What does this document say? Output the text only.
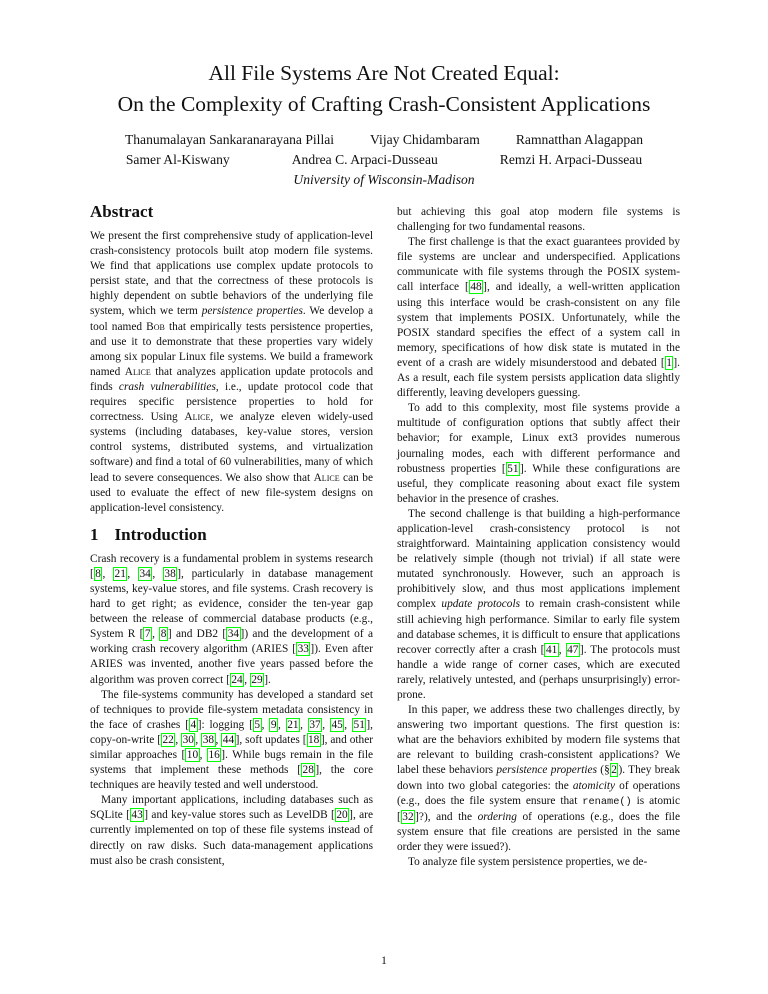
All File Systems Are Not Created Equal:
On the Complexity of Crafting Crash-Consistent Applications
Thanumalayan Sankaranarayana Pillai	Vijay Chidambaram	Ramnatthan Alagappan
Samer Al-Kiswany	Andrea C. Arpaci-Dusseau	Remzi H. Arpaci-Dusseau
University of Wisconsin-Madison
Abstract

We present the first comprehensive study of application-level crash-consistency protocols built atop modern file systems. We find that applications use complex update protocols to persist state, and that the correctness of these protocols is highly dependent on subtle behaviors of the underlying file system, which we term persistence properties. We develop a tool named Bob that empirically tests persistence properties, and use it to demonstrate that these properties vary widely among six popular Linux file systems. We build a framework named Alice that analyzes application update protocols and finds crash vulnerabilities, i.e., update protocol code that requires specific persistence properties to hold for correctness. Using Alice, we analyze eleven widely-used systems (including databases, key-value stores, version control systems, distributed systems, and virtualization software) and find a total of 60 vulnerabilities, many of which lead to severe consequences. We also show that Alice can be used to evaluate the effect of new file-system designs on application-level consistency.

1 Introduction

Crash recovery is a fundamental problem in systems research [ 8 , 21 , 34 , 38 ], particularly in database management systems, key-value stores, and file systems. Crash recovery is hard to get right; as evidence, consider the ten-year gap between the release of commercial database products (e.g., System R [ 7 , 8 ] and DB2 [ 34 ]) and the development of a working crash recovery algorithm (ARIES [ 33 ]). Even after ARIES was invented, another five years passed before the algorithm was proven correct [ 24 , 29 ].

The file-systems community has developed a standard set of techniques to provide file-system metadata consistency in the face of crashes [ 4 ]: logging [ 5 , 9 , 21 , 37 , 45 , 51 ], copy-on-write [ 22 , 30 , 38 , 44 ], soft updates [ 18 ], and other similar approaches [ 10 , 16 ]. While bugs remain in the file systems that implement these methods [ 28 ], the core techniques are heavily tested and well understood.

Many important applications, including databases such as SQLite [ 43 ] and key-value stores such as LevelDB [ 20 ], are currently implemented on top of these file systems instead of directly on raw disks. Such data-management applications must also be crash consistent,

but achieving this goal atop modern file systems is challenging for two fundamental reasons.

The first challenge is that the exact guarantees provided by file systems are unclear and underspecified. Applications communicate with file systems through the POSIX system-call interface [ 48 ], and ideally, a well-written application using this interface would be crash-consistent on any file system that implements POSIX. Unfortunately, while the POSIX standard specifies the effect of a system call in memory, specifications of how disk state is mutated in the event of a crash are widely misunderstood and debated [ 1 ]. As a result, each file system persists application data slightly differently, leaving developers guessing.

To add to this complexity, most file systems provide a multitude of configuration options that subtly affect their behavior; for example, Linux ext3 provides numerous journaling modes, each with different performance and robustness properties [ 51 ]. While these configurations are useful, they complicate reasoning about exact file system behavior in the presence of crashes.

The second challenge is that building a high-performance application-level crash-consistency protocol is not straightforward. Maintaining application consistency would be relatively simple (though not trivial) if all state were mutated synchronously. However, such an approach is prohibitively slow, and thus most applications implement complex update protocols to remain crash-consistent while still achieving high performance. Similar to early file system and database schemes, it is difficult to ensure that applications recover correctly after a crash [ 41 , 47 ]. The protocols must handle a wide range of corner cases, which are executed rarely, relatively untested, and (perhaps unsurprisingly) error-prone.

In this paper, we address these two challenges directly, by answering two important questions. The first question is: what are the behaviors exhibited by modern file systems that are relevant to building crash-consistent applications? We label these behaviors persistence properties (§ 2 ). They break down into two global categories: the atomicity of operations (e.g., does the file system ensure that rename() is atomic [ 32 ]?), and the ordering of operations (e.g., does the file system ensure that file creations are persisted in the same order they were issued?).

To analyze file system persistence properties, we de-

1
